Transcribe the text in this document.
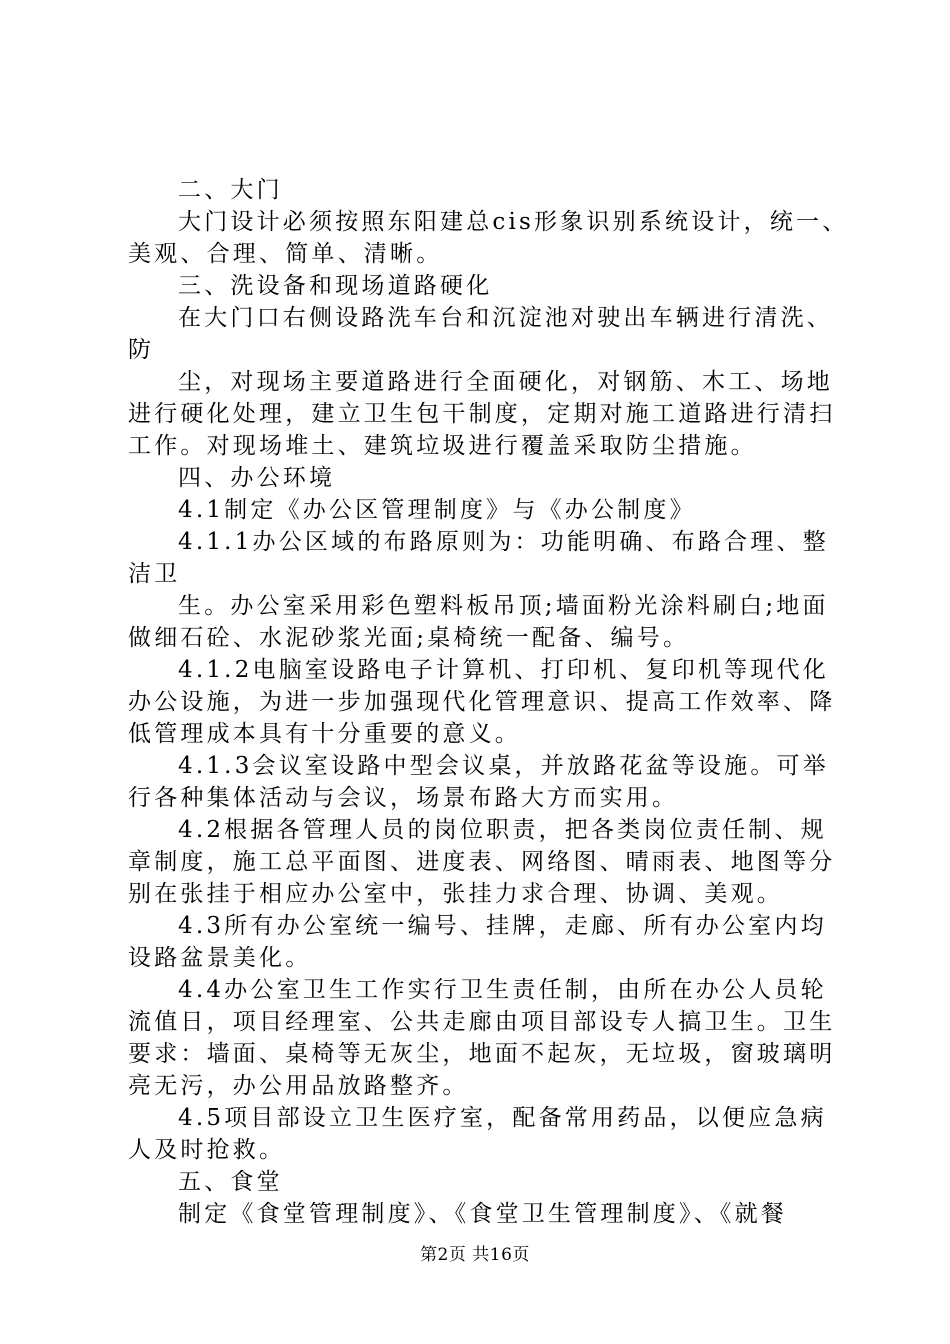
二、大门
大门设计必须按照东阳建总cis形象识别系统设计，统一、
美观、合理、简单、清晰。
三、洗设备和现场道路硬化
在大门口右侧设路洗车台和沉淀池对驶出车辆进行清洗、
防
尘，对现场主要道路进行全面硬化，对钢筋、木工、场地
进行硬化处理，建立卫生包干制度，定期对施工道路进行清扫
工作。对现场堆土、建筑垃圾进行覆盖采取防尘措施。
四、办公环境
4.1制定《办公区管理制度》与《办公制度》
4.1.1办公区域的布路原则为：功能明确、布路合理、整
洁卫
生。办公室采用彩色塑料板吊顶;墙面粉光涂料刷白;地面
做细石砼、水泥砂浆光面;桌椅统一配备、编号。
4.1.2电脑室设路电子计算机、打印机、复印机等现代化
办公设施，为进一步加强现代化管理意识、提高工作效率、降
低管理成本具有十分重要的意义。
4.1.3会议室设路中型会议桌，并放路花盆等设施。可举
行各种集体活动与会议，场景布路大方而实用。
4.2根据各管理人员的岗位职责，把各类岗位责任制、规
章制度，施工总平面图、进度表、网络图、晴雨表、地图等分
别在张挂于相应办公室中，张挂力求合理、协调、美观。
4.3所有办公室统一编号、挂牌，走廊、所有办公室内均
设路盆景美化。
4.4办公室卫生工作实行卫生责任制，由所在办公人员轮
流值日，项目经理室、公共走廊由项目部设专人搞卫生。卫生
要求：墙面、桌椅等无灰尘，地面不起灰，无垃圾，窗玻璃明
亮无污，办公用品放路整齐。
4.5项目部设立卫生医疗室，配备常用药品，以便应急病
人及时抢救。
五、食堂
制定《食堂管理制度》、《食堂卫生管理制度》、《就餐
第2页 共16页
